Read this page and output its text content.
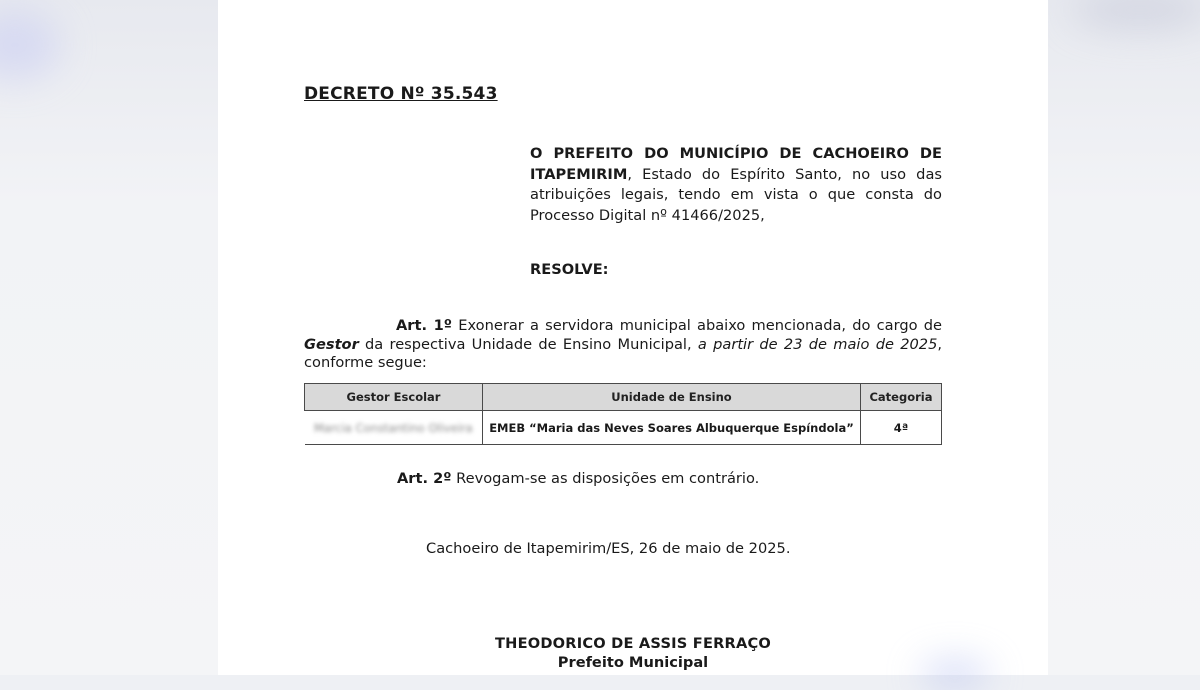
DECRETO Nº 35.543
O PREFEITO DO MUNICÍPIO DE CACHOEIRO DE ITAPEMIRIM, Estado do Espírito Santo, no uso das atribuições legais, tendo em vista o que consta do Processo Digital nº 41466/2025,
RESOLVE:
Art. 1º Exonerar a servidora municipal abaixo mencionada, do cargo de Gestor da respectiva Unidade de Ensino Municipal, a partir de 23 de maio de 2025, conforme segue:
Gestor Escolar	Unidade de Ensino	Categoria
Marcia Constantino Oliveira	EMEB “Maria das Neves Soares Albuquerque Espíndola”	4ª
Art. 2º Revogam-se as disposições em contrário.
Cachoeiro de Itapemirim/ES, 26 de maio de 2025.
THEODORICO DE ASSIS FERRAÇO
Prefeito Municipal
